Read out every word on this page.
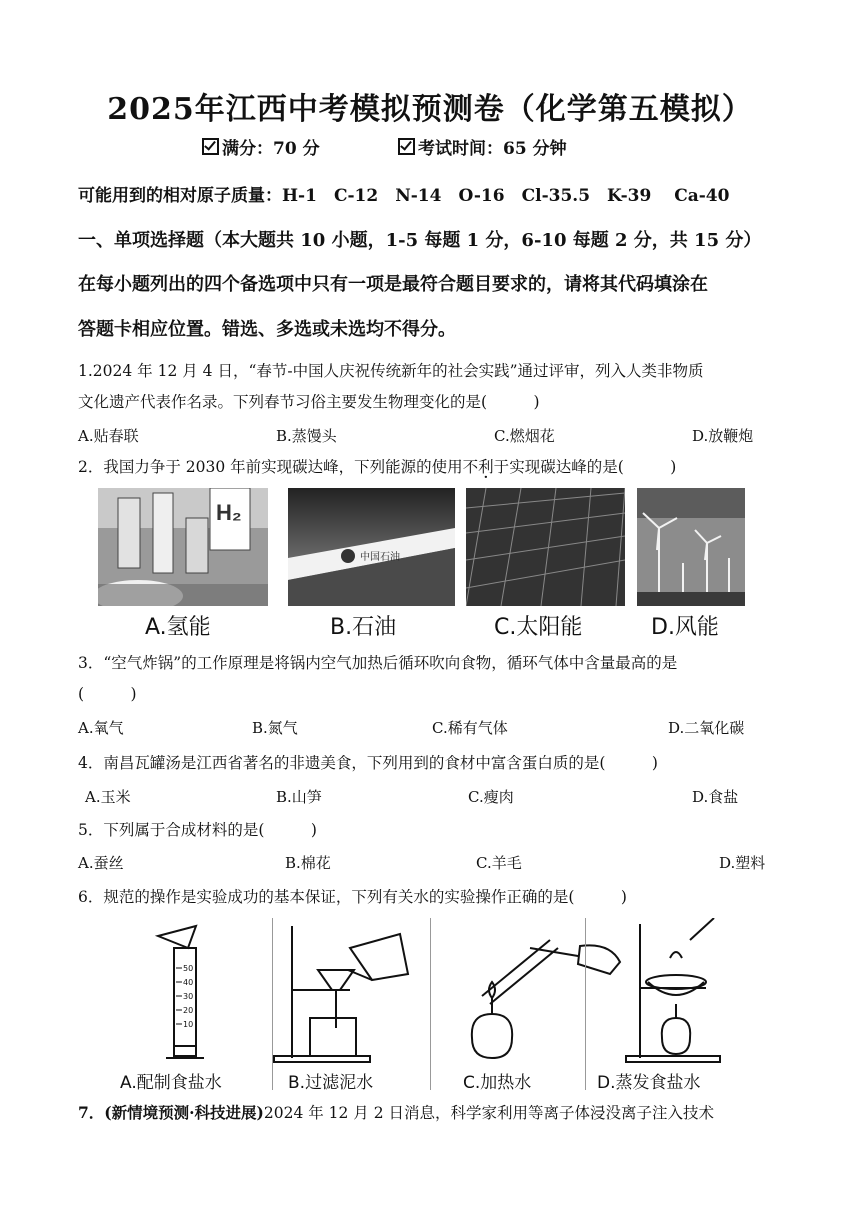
2025年江西中考模拟预测卷（化学第五模拟）
满分：70 分	考试时间：65 分钟
可能用到的相对原子质量：H-1　C-12　N-14　O-16　Cl-35.5　K-39　 Ca-40
一、单项选择题（本大题共 10 小题，1-5 每题 1 分，6-10 每题 2 分，共 15 分）
在每小题列出的四个备选项中只有一项是最符合题目要求的，请将其代码填涂在
答题卡相应位置。错选、多选或未选均不得分。
1.2024 年 12 月 4 日，“春节-中国人庆祝传统新年的社会实践”通过评审，列入人类非物质
文化遗产代表作名录。下列春节习俗主要发生物理变化的是(　　　)
A.贴春联	B.蒸馒头	C.燃烟花	D.放鞭炮
2．我国力争于 2030 年前实现碳达峰，下列能源的使用不利于实现碳达峰的是(　　　)
H₂
中国石油
A.氢能	B.石油	C.太阳能	D.风能
3．“空气炸锅”的工作原理是将锅内空气加热后循环吹向食物，循环气体中含量最高的是
(　　　)
A.氧气	B.氮气	C.稀有气体	D.二氧化碳
4．南昌瓦罐汤是江西省著名的非遗美食，下列用到的食材中富含蛋白质的是(　　　)
A.玉米	B.山笋	C.瘦肉	D.食盐
5．下列属于合成材料的是(　　　)
A.蚕丝	B.棉花	C.羊毛	D.塑料
6．规范的操作是实验成功的基本保证，下列有关水的实验操作正确的是(　　　)
50
40
30
20
10
A.配制食盐水	B.过滤泥水	C.加热水	D.蒸发食盐水
7．(新情境预测·科技进展)2024 年 12 月 2 日消息，科学家利用等离子体浸没离子注入技术
